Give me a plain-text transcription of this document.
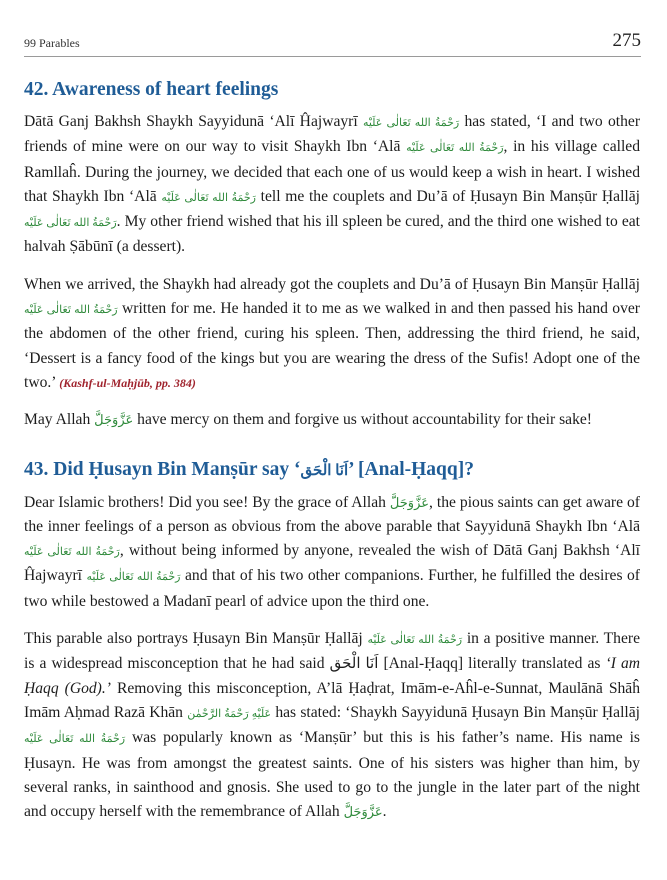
99 Parables	275
42. Awareness of heart feelings

Dātā Ganj Bakhsh Shaykh Sayyidunā ‘Alī Ĥajwayrī رَحْمَةُ الله تَعَالٰی عَلَيْه has stated, ‘I and two other friends of mine were on our way to visit Shaykh Ibn ‘Alā رَحْمَةُ الله تَعَالٰی عَلَيْه, in his village called Ramllaĥ. During the journey, we decided that each one of us would keep a wish in heart. I wished that Shaykh Ibn ‘Alā رَحْمَةُ الله تَعَالٰی عَلَيْه tell me the couplets and Du’ā of Ḥusayn Bin Manṣūr Ḥallāj رَحْمَةُ الله تَعَالٰی عَلَيْه. My other friend wished that his ill spleen be cured, and the third one wished to eat halvah Ṣābūnī (a dessert).

When we arrived, the Shaykh had already got the couplets and Du’ā of Ḥusayn Bin Manṣūr Ḥallāj رَحْمَةُ الله تَعَالٰی عَلَيْه written for me. He handed it to me as we walked in and then passed his hand over the abdomen of the other friend, curing his spleen. Then, addressing the third friend, he said, ‘Dessert is a fancy food of the kings but you are wearing the dress of the Sufis! Adopt one of the two.’ (Kashf-ul-Maḥjūb, pp. 384)

May Allah عَزَّوَجَلَّ have mercy on them and forgive us without accountability for their sake!

43. Did Ḥusayn Bin Manṣūr say ‘اَنَا الْحَق’ [Anal-Ḥaqq]?

Dear Islamic brothers! Did you see! By the grace of Allah عَزَّوَجَلَّ, the pious saints can get aware of the inner feelings of a person as obvious from the above parable that Sayyidunā Shaykh Ibn ‘Alā رَحْمَةُ الله تَعَالٰی عَلَيْه, without being informed by anyone, revealed the wish of Dātā Ganj Bakhsh ‘Alī Ĥajwayrī رَحْمَةُ الله تَعَالٰی عَلَيْه and that of his two other companions. Further, he fulfilled the desires of two while bestowed a Madanī pearl of advice upon the third one.

This parable also portrays Ḥusayn Bin Manṣūr Ḥallāj رَحْمَةُ الله تَعَالٰی عَلَيْه in a positive manner. There is a widespread misconception that he had said اَنَا الْحَق [Anal-Ḥaqq] literally translated as ‘I am Ḥaqq (God).’ Removing this misconception, A’lā Ḥaḍrat, Imām-e-Aĥl-e-Sunnat, Maulānā Shāĥ Imām Aḥmad Razā Khān عَلَيْهِ رَحْمَةُ الرَّحْمٰن has stated: ‘Shaykh Sayyidunā Ḥusayn Bin Manṣūr Ḥallāj رَحْمَةُ الله تَعَالٰی عَلَيْه was popularly known as ‘Manṣūr’ but this is his father’s name. His name is Ḥusayn. He was from amongst the greatest saints. One of his sisters was higher than him, by several ranks, in sainthood and gnosis. She used to go to the jungle in the later part of the night and occupy herself with the remembrance of Allah عَزَّوَجَلَّ.
